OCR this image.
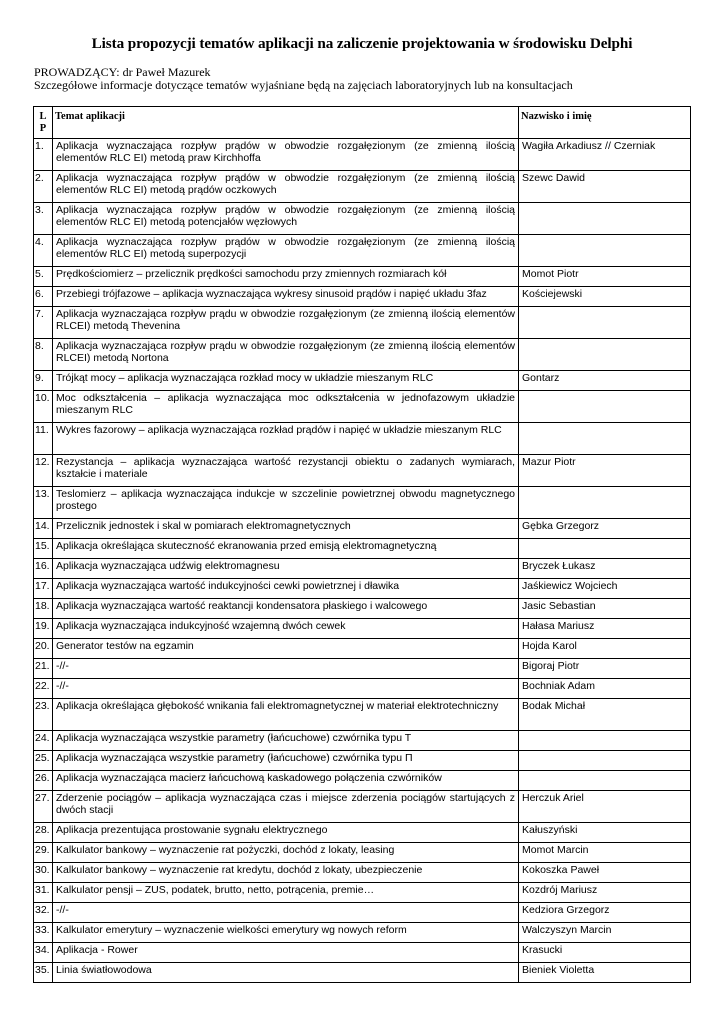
Lista propozycji tematów aplikacji na zaliczenie projektowania w środowisku Delphi
PROWADZĄCY: dr Paweł Mazurek
Szczegółowe informacje dotyczące tematów wyjaśniane będą na zajęciach laboratoryjnych lub na konsultacjach
L
P	Temat aplikacji	Nazwisko i imię
1.	Aplikacja wyznaczająca rozpływ prądów w obwodzie rozgałęzionym (ze zmienną ilością elementów RLC EI) metodą praw Kirchhoffa	Wagiła Arkadiusz // Czerniak
2.	Aplikacja wyznaczająca rozpływ prądów w obwodzie rozgałęzionym (ze zmienną ilością elementów RLC EI) metodą prądów oczkowych	Szewc Dawid
3.	Aplikacja wyznaczająca rozpływ prądów w obwodzie rozgałęzionym (ze zmienną ilością elementów RLC EI) metodą potencjałów węzłowych	
4.	Aplikacja wyznaczająca rozpływ prądów w obwodzie rozgałęzionym (ze zmienną ilością elementów RLC EI) metodą superpozycji	
5.	Prędkościomierz – przelicznik prędkości samochodu przy zmiennych rozmiarach kół	Momot Piotr
6.	Przebiegi trójfazowe – aplikacja wyznaczająca wykresy sinusoid prądów i napięć układu 3faz	Kościejewski
7.	Aplikacja wyznaczająca rozpływ prądu w obwodzie rozgałęzionym (ze zmienną ilością elementów RLCEI) metodą Thevenina	
8.	Aplikacja wyznaczająca rozpływ prądu w obwodzie rozgałęzionym (ze zmienną ilością elementów RLCEI) metodą Nortona	
9.	Trójkąt mocy – aplikacja wyznaczająca rozkład mocy w układzie mieszanym RLC	Gontarz
10.	Moc odkształcenia – aplikacja wyznaczająca moc odkształcenia w jednofazowym układzie mieszanym RLC	
11.	Wykres fazorowy – aplikacja wyznaczająca rozkład prądów i napięć w układzie mieszanym RLC	
12.	Rezystancja – aplikacja wyznaczająca wartość rezystancji obiektu o zadanych wymiarach, kształcie i materiale	Mazur Piotr
13.	Teslomierz – aplikacja wyznaczająca indukcje w szczelinie powietrznej obwodu magnetycznego prostego	
14.	Przelicznik jednostek i skal w pomiarach elektromagnetycznych	Gębka Grzegorz
15.	Aplikacja określająca skuteczność ekranowania przed emisją elektromagnetyczną	
16.	Aplikacja wyznaczająca udźwig elektromagnesu	Bryczek Łukasz
17.	Aplikacja wyznaczająca wartość indukcyjności cewki powietrznej i dławika	Jaśkiewicz Wojciech
18.	Aplikacja wyznaczająca wartość reaktancji kondensatora płaskiego i walcowego	Jasic Sebastian
19.	Aplikacja wyznaczająca indukcyjność wzajemną dwóch cewek	Hałasa Mariusz
20.	Generator testów na egzamin	Hojda Karol
21.	-//-	Bigoraj Piotr
22.	-//-	Bochniak Adam
23.	Aplikacja określająca głębokość wnikania fali elektromagnetycznej w materiał elektrotechniczny	Bodak Michał
24.	Aplikacja wyznaczająca wszystkie parametry (łańcuchowe) czwórnika typu T	
25.	Aplikacja wyznaczająca wszystkie parametry (łańcuchowe) czwórnika typu Π	
26.	Aplikacja wyznaczająca macierz łańcuchową kaskadowego połączenia czwórników	
27.	Zderzenie pociągów – aplikacja wyznaczająca czas i miejsce zderzenia pociągów startujących z dwóch stacji	Herczuk Ariel
28.	Aplikacja prezentująca prostowanie sygnału elektrycznego	Kałuszyński
29.	Kalkulator bankowy – wyznaczenie rat pożyczki, dochód z lokaty, leasing	Momot Marcin
30.	Kalkulator bankowy – wyznaczenie rat kredytu, dochód z lokaty, ubezpieczenie	Kokoszka Paweł
31.	Kalkulator pensji – ZUS, podatek, brutto, netto, potrącenia, premie…	Kozdrój Mariusz
32.	-//-	Kedziora Grzegorz
33.	Kalkulator emerytury – wyznaczenie wielkości emerytury wg nowych reform	Walczyszyn Marcin
34.	Aplikacja - Rower	Krasucki
35.	Linia światłowodowa	Bieniek Violetta
